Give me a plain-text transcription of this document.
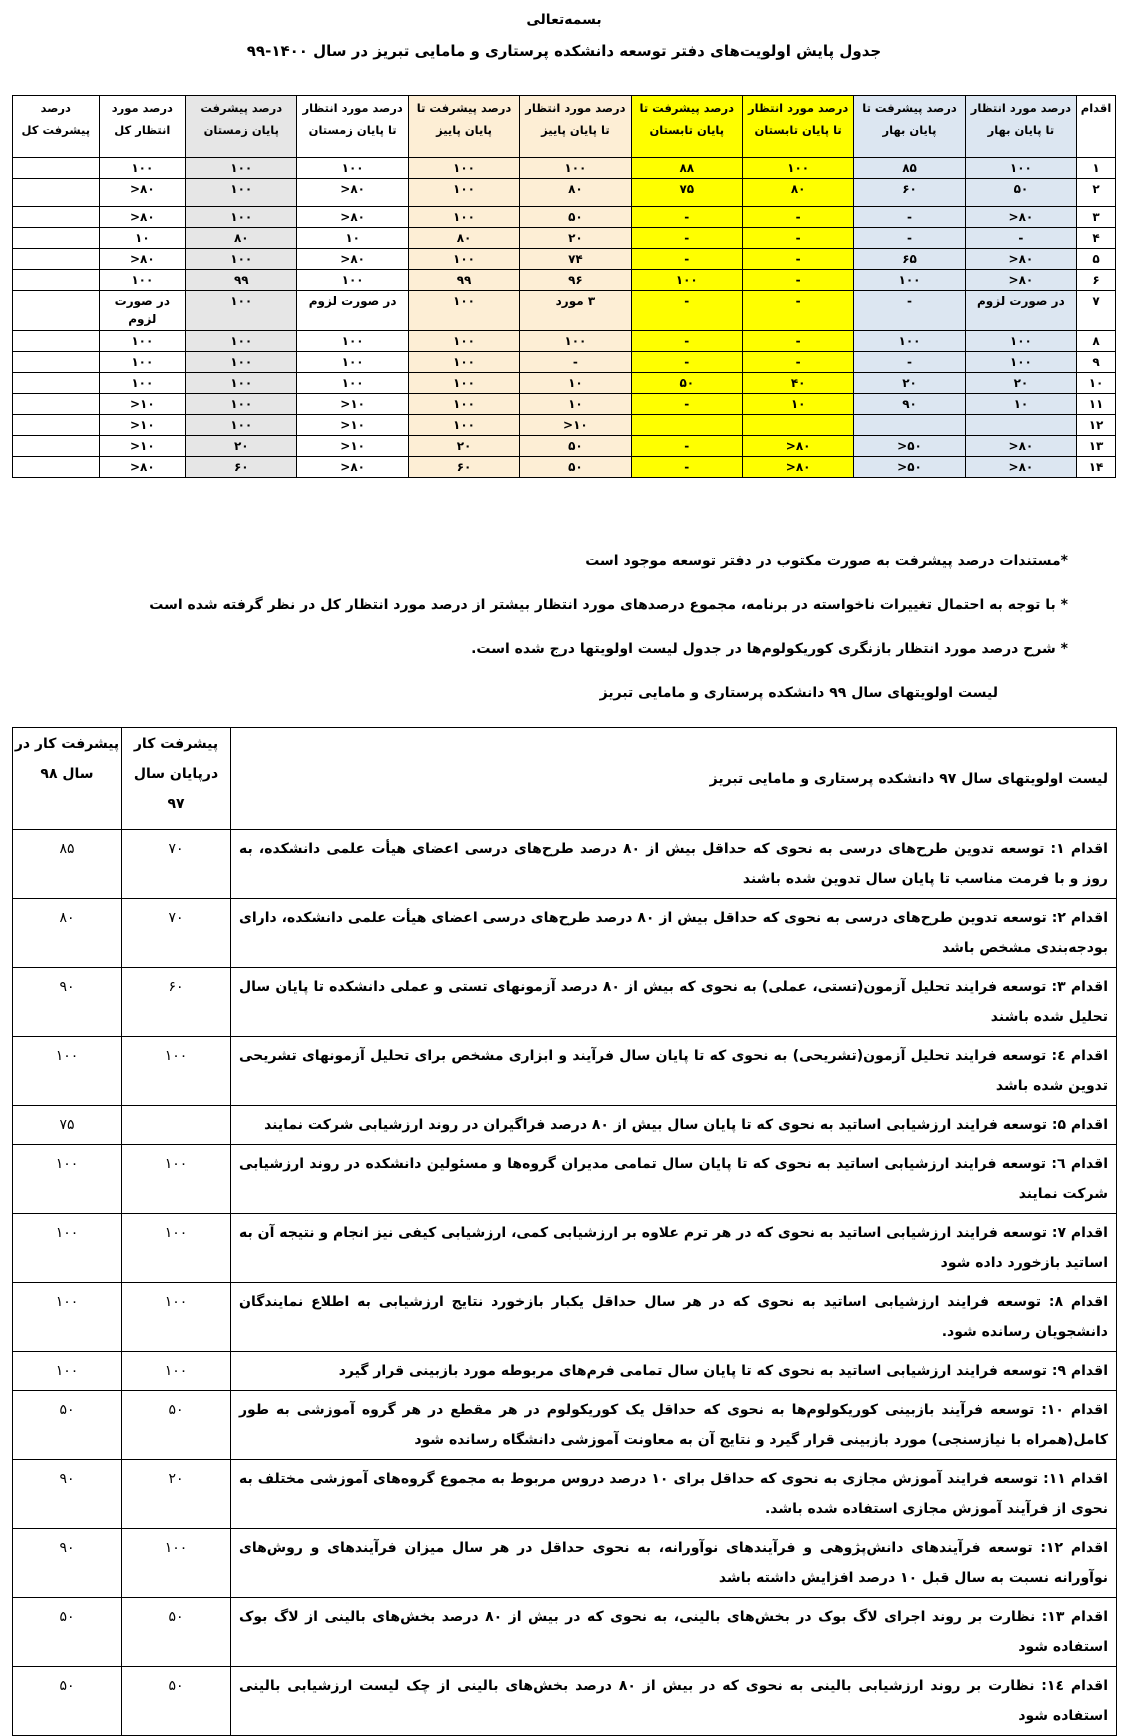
بسمه‌تعالی
جدول پایش اولویت‌های دفتر توسعه دانشکده پرستاری و مامایی تبریز در سال ۱۴۰۰-۹۹
اقدام	درصد مورد انتظار تا پایان بهار	درصد پیشرفت تا پایان بهار	درصد مورد انتظار تا پایان تابستان	درصد پیشرفت تا پایان تابستان	درصد مورد انتظار تا پایان پاییز	درصد پیشرفت تا پایان پاییز	درصد مورد انتظار تا پایان زمستان	درصد پیشرفت پایان زمستان	درصد مورد انتظار کل	درصد پیشرفت کل
۱	۱۰۰	۸۵	۱۰۰	۸۸	۱۰۰	۱۰۰	۱۰۰	۱۰۰	۱۰۰	
۲	۵۰	۶۰	۸۰	۷۵	۸۰	۱۰۰	۸۰<	۱۰۰	۸۰<	
۳	۸۰<	-	-	-	۵۰	۱۰۰	۸۰<	۱۰۰	۸۰<	
۴	-	-	-	-	۲۰	۸۰	۱۰	۸۰	۱۰	
۵	۸۰<	۶۵	-	-	۷۴	۱۰۰	۸۰<	۱۰۰	۸۰<	
۶	۸۰<	۱۰۰	-	۱۰۰	۹۶	۹۹	۱۰۰	۹۹	۱۰۰	
۷	در صورت لزوم	-	-	-	۳ مورد	۱۰۰	در صورت لزوم	۱۰۰	در صورت لزوم	
۸	۱۰۰	۱۰۰	-	-	۱۰۰	۱۰۰	۱۰۰	۱۰۰	۱۰۰	
۹	۱۰۰	-	-	-	-	۱۰۰	۱۰۰	۱۰۰	۱۰۰	
۱۰	۲۰	۲۰	۴۰	۵۰	۱۰	۱۰۰	۱۰۰	۱۰۰	۱۰۰	
۱۱	۱۰	۹۰	۱۰	-	۱۰	۱۰۰	۱۰<	۱۰۰	۱۰<	
۱۲					۱۰<	۱۰۰	۱۰<	۱۰۰	۱۰<	
۱۳	۸۰<	۵۰<	۸۰<	-	۵۰	۲۰	۱۰<	۲۰	۱۰<	
۱۴	۸۰<	۵۰<	۸۰<	-	۵۰	۶۰	۸۰<	۶۰	۸۰<	
*مستندات درصد پیشرفت به صورت مکتوب در دفتر توسعه موجود است
* با توجه به احتمال تغییرات ناخواسته در برنامه، مجموع درصدهای مورد انتظار بیشتر از درصد مورد انتظار کل در نظر گرفته شده است
* شرح درصد مورد انتظار بازنگری کوریکولوم‌ها در جدول لیست اولویتها درج شده است.
لیست اولویتهای سال ۹۹ دانشکده پرستاری و مامایی تبریز
لیست اولویتهای سال ۹۷ دانشکده پرستاری و مامایی تبریز	پیشرفت کار درپایان سال ۹۷	پیشرفت کار در سال ۹۸
اقدام ۱: توسعه تدوین طرح‌های درسی به نحوی که حداقل بیش از ۸۰ درصد طرح‌های درسی اعضای هیأت علمی دانشکده، به روز و با فرمت مناسب تا پایان سال تدوین شده باشند	۷۰	۸۵
اقدام ۲: توسعه تدوین طرح‌های درسی به نحوی که حداقل بیش از ۸۰ درصد طرح‌های درسی اعضای هیأت علمی دانشکده، دارای بودجه‌بندی مشخص باشد	۷۰	۸۰
اقدام ۳: توسعه فرایند تحلیل آزمون(تستی، عملی) به نحوی که بیش از ۸۰ درصد آزمونهای تستی و عملی دانشکده تا پایان سال تحلیل شده باشند	۶۰	۹۰
اقدام ٤: توسعه فرایند تحلیل آزمون(تشریحی) به نحوی که تا پایان سال فرآیند و ابزاری مشخص برای تحلیل آزمونهای تشریحی تدوین شده باشد	۱۰۰	۱۰۰
اقدام ۵: توسعه فرایند ارزشیابی اساتید به نحوی که تا پایان سال بیش از ۸۰ درصد فراگیران در روند ارزشیابی شرکت نمایند		۷۵
اقدام ٦: توسعه فرایند ارزشیابی اساتید به نحوی که تا پایان سال تمامی مدیران گروه‌ها و مسئولین دانشکده در روند ارزشیابی شرکت نمایند	۱۰۰	۱۰۰
اقدام ۷: توسعه فرایند ارزشیابی اساتید به نحوی که در هر ترم علاوه بر ارزشیابی کمی، ارزشیابی کیفی نیز انجام و نتیجه آن به اساتید بازخورد داده شود	۱۰۰	۱۰۰
اقدام ۸: توسعه فرایند ارزشیابی اساتید به نحوی که در هر سال حداقل یکبار بازخورد نتایج ارزشیابی به اطلاع نمایندگان دانشجویان رسانده شود.	۱۰۰	۱۰۰
اقدام ۹: توسعه فرایند ارزشیابی اساتید به نحوی که تا پایان سال تمامی فرم‌های مربوطه مورد بازبینی قرار گیرد	۱۰۰	۱۰۰
اقدام ۱۰: توسعه فرآیند بازبینی کوریکولوم‌ها به نحوی که حداقل یک کوریکولوم در هر مقطع در هر گروه آموزشی به طور کامل(همراه با نیازسنجی) مورد بازبینی قرار گیرد و نتایج آن به معاونت آموزشی دانشگاه رسانده شود	۵۰	۵۰
اقدام ۱۱: توسعه فرایند آموزش مجازی به نحوی که حداقل برای ۱۰ درصد دروس مربوط به مجموع گروه‌های آموزشی مختلف به نحوی از فرآیند آموزش مجازی استفاده شده باشد.	۲۰	۹۰
اقدام ۱۲: توسعه فرآیندهای دانش‌پژوهی و فرآیندهای نوآورانه، به نحوی حداقل در هر سال میزان فرآیندهای و روش‌های نوآورانه نسبت به سال قبل ۱۰ درصد افزایش داشته باشد	۱۰۰	۹۰
اقدام ۱۳: نظارت بر روند اجرای لاگ بوک در بخش‌های بالینی، به نحوی که در بیش از ۸۰ درصد بخش‌های بالینی از لاگ بوک استفاده شود	۵۰	۵۰
اقدام ۱٤: نظارت بر روند ارزشیابی بالینی به نحوی که در بیش از ۸۰ درصد بخش‌های بالینی از چک لیست ارزشیابی بالینی استفاده شود	۵۰	۵۰
